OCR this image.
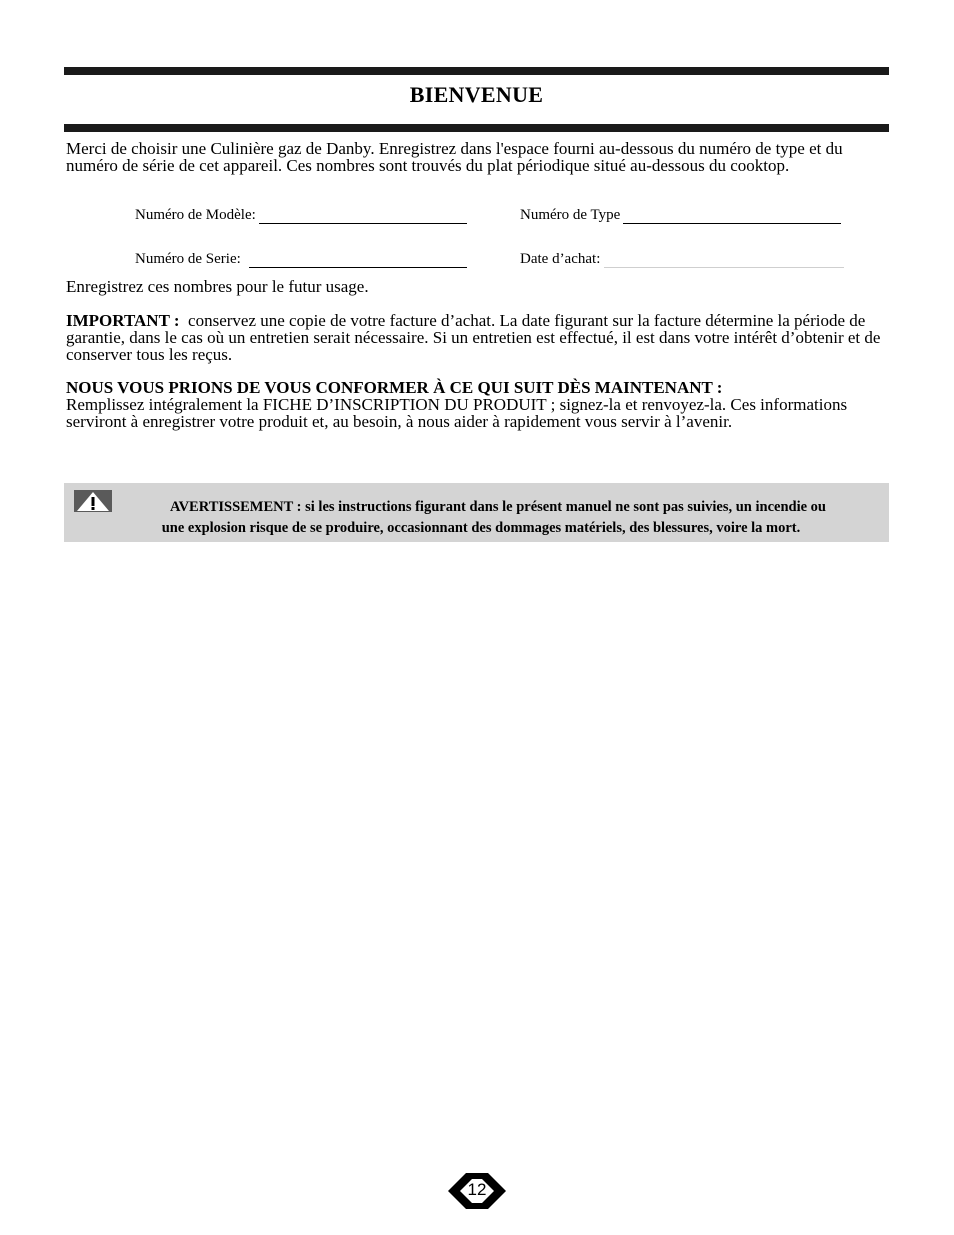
BIENVENUE
Merci de choisir une Culinière gaz de Danby. Enregistrez dans l'espace fourni au-dessous du numéro de type et du numéro de série de cet appareil. Ces nombres sont trouvés du plat périodique situé au-dessous du cooktop.
Numéro de Modèle:	Numéro de Type
Numéro de Serie:	Date d’achat:
Enregistrez ces nombres pour le futur usage.
IMPORTANT : conservez une copie de votre facture d’achat. La date figurant sur la facture détermine la période de garantie, dans le cas où un entretien serait nécessaire. Si un entretien est effectué, il est dans votre intérêt d’obtenir et de conserver tous les reçus.
NOUS VOUS PRIONS DE VOUS CONFORMER À CE QUI SUIT DÈS MAINTENANT :
Remplissez intégralement la FICHE D’INSCRIPTION DU PRODUIT ; signez-la et renvoyez-la. Ces informations serviront à enregistrer votre produit et, au besoin, à nous aider à rapidement vous servir à l’avenir.
AVERTISSEMENT : si les instructions figurant dans le présent manuel ne sont pas suivies, un incendie ou
une explosion risque de se produire, occasionnant des dommages matériels, des blessures, voire la mort.
12
